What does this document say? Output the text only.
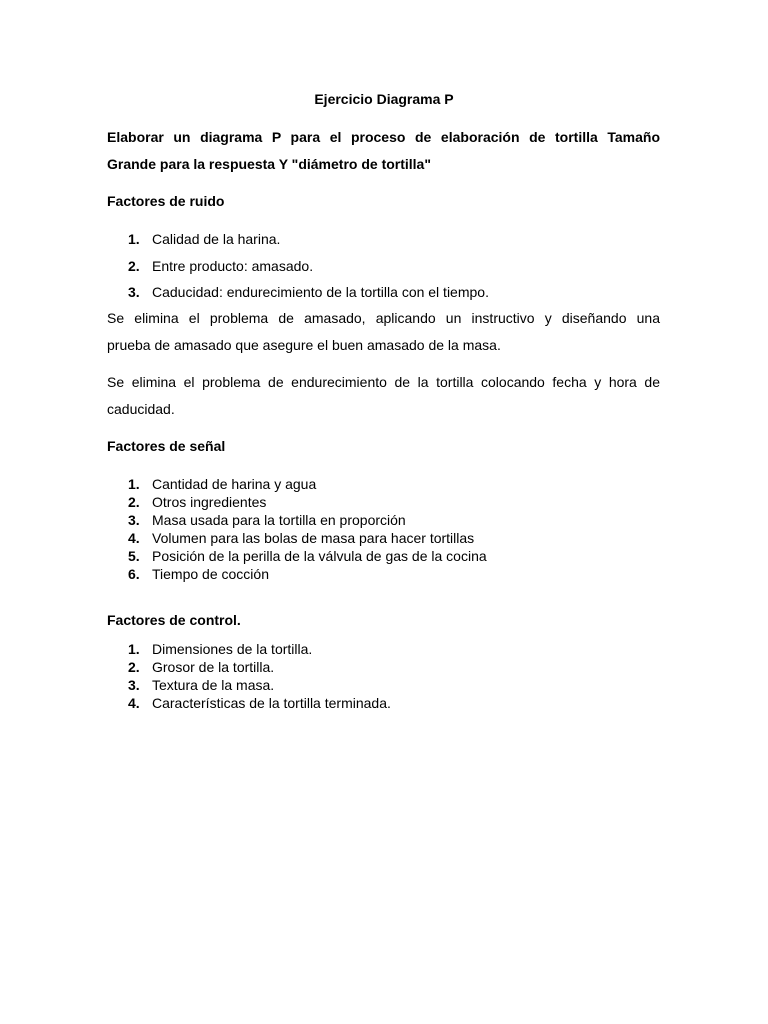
Ejercicio Diagrama P
Elaborar un diagrama P para el proceso de elaboración de tortilla Tamaño
Grande para la respuesta Y "diámetro de tortilla"
Factores de ruido
1. Calidad de la harina.
2. Entre producto: amasado.
3. Caducidad: endurecimiento de la tortilla con el tiempo.
Se elimina el problema de amasado, aplicando un instructivo y diseñando una
prueba de amasado que asegure el buen amasado de la masa.
Se elimina el problema de endurecimiento de la tortilla colocando fecha y hora de
caducidad.
Factores de señal
1. Cantidad de harina y agua
2. Otros ingredientes
3. Masa usada para la tortilla en proporción
4. Volumen para las bolas de masa para hacer tortillas
5. Posición de la perilla de la válvula de gas de la cocina
6. Tiempo de cocción
Factores de control.
1. Dimensiones de la tortilla.
2. Grosor de la tortilla.
3. Textura de la masa.
4. Características de la tortilla terminada.
